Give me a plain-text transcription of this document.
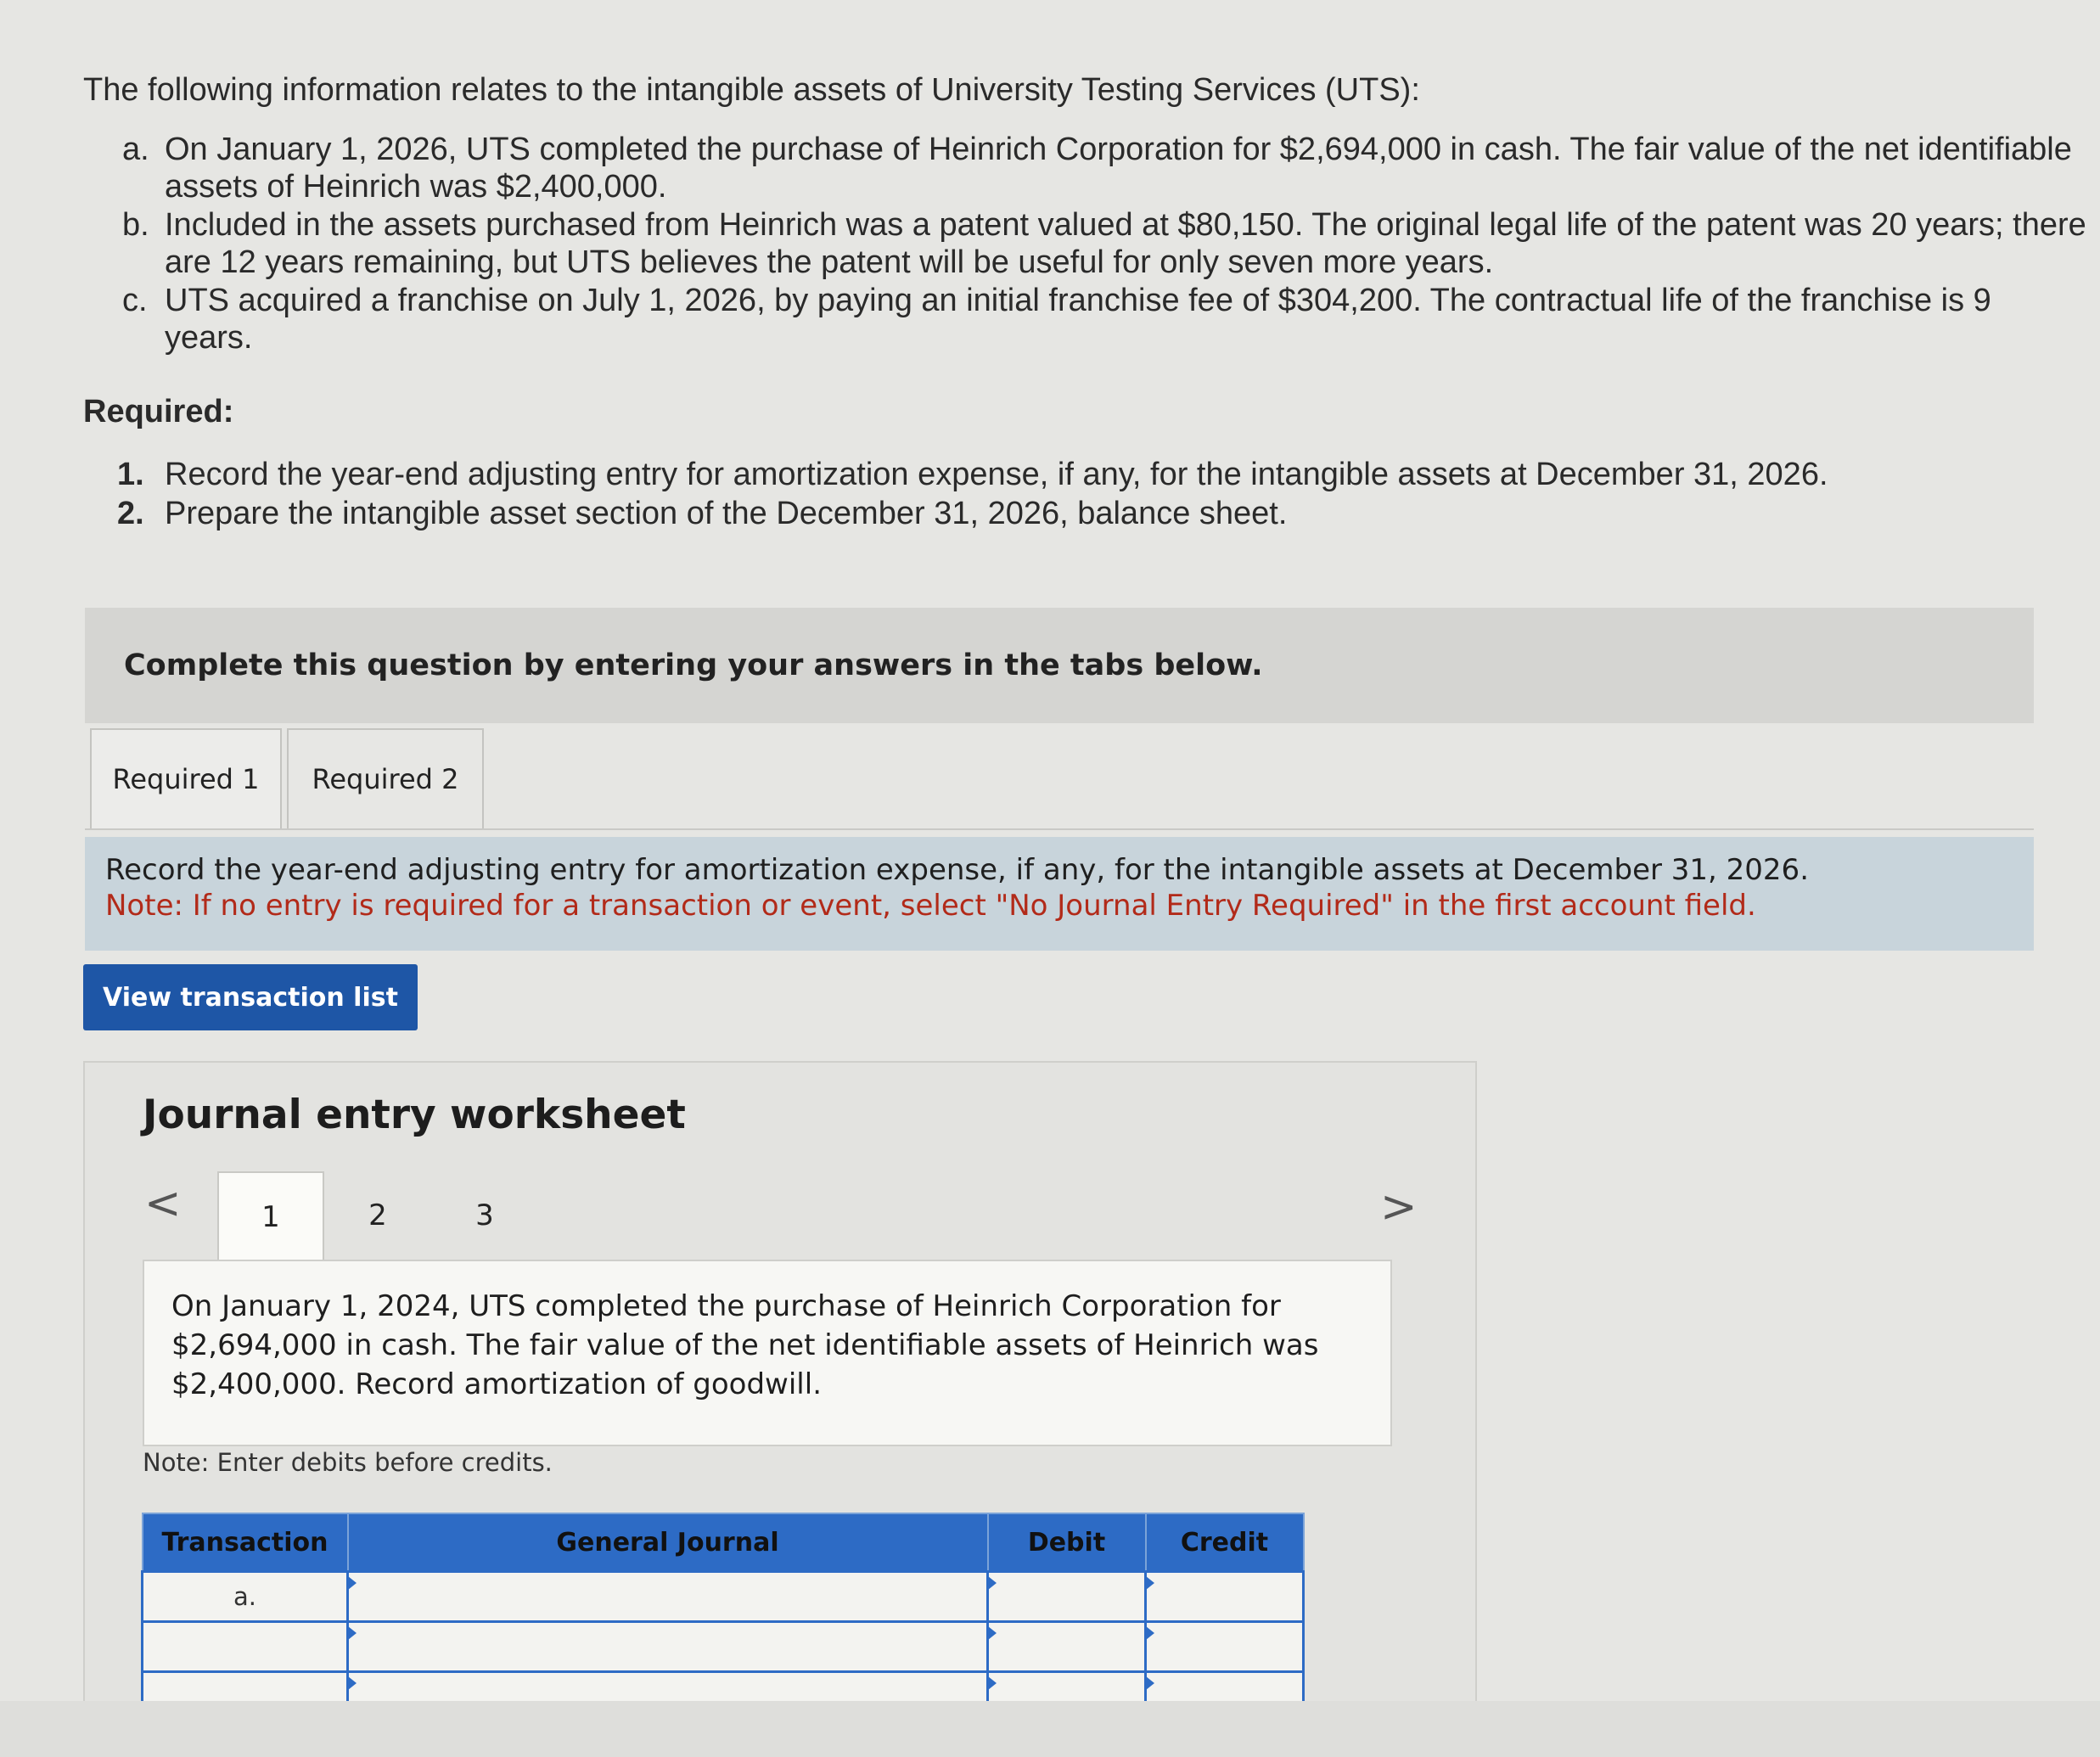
The following information relates to the intangible assets of University Testing Services (UTS):

a. On January 1, 2026, UTS completed the purchase of Heinrich Corporation for $2,694,000 in cash. The fair value of the net identifiable assets of Heinrich was $2,400,000.
b. Included in the assets purchased from Heinrich was a patent valued at $80,150. The original legal life of the patent was 20 years; there are 12 years remaining, but UTS believes the patent will be useful for only seven more years.
c. UTS acquired a franchise on July 1, 2026, by paying an initial franchise fee of $304,200. The contractual life of the franchise is 9 years.

Required:

1. Record the year-end adjusting entry for amortization expense, if any, for the intangible assets at December 31, 2026.
2. Prepare the intangible asset section of the December 31, 2026, balance sheet.
Complete this question by entering your answers in the tabs below.
Required 1	Required 2
Record the year-end adjusting entry for amortization expense, if any, for the intangible assets at December 31, 2026.
Note: If no entry is required for a transaction or event, select "No Journal Entry Required" in the first account field.
View transaction list
Journal entry worksheet
<	1	2	3	>

On January 1, 2024, UTS completed the purchase of Heinrich Corporation for $2,694,000 in cash. The fair value of the net identifiable assets of Heinrich was $2,400,000. Record amortization of goodwill.

Note: Enter debits before credits.
Transaction	General Journal	Debit	Credit
a.			
